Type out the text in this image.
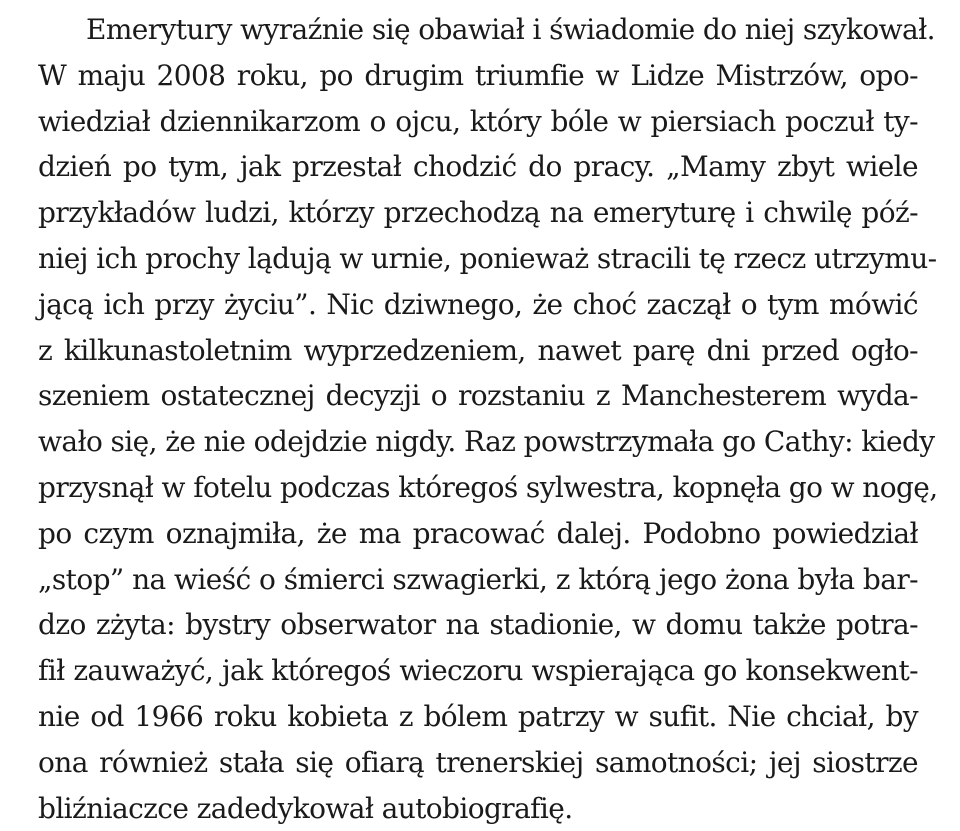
Emerytury wyraźnie się obawiał i świadomie do niej szykował.
W maju 2008 roku, po drugim triumfie w Lidze Mistrzów, opo-
wiedział dziennikarzom o ojcu, który bóle w piersiach poczuł ty-
dzień po tym, jak przestał chodzić do pracy. „Mamy zbyt wiele
przykładów ludzi, którzy przechodzą na emeryturę i chwilę póź-
niej ich prochy lądują w urnie, ponieważ stracili tę rzecz utrzymu-
jącą ich przy życiu”. Nic dziwnego, że choć zaczął o tym mówić
z kilkunastoletnim wyprzedzeniem, nawet parę dni przed ogło-
szeniem ostatecznej decyzji o rozstaniu z Manchesterem wyda-
wało się, że nie odejdzie nigdy. Raz powstrzymała go Cathy: kiedy
przysnął w fotelu podczas któregoś sylwestra, kopnęła go w nogę,
po czym oznajmiła, że ma pracować dalej. Podobno powiedział
„stop” na wieść o śmierci szwagierki, z którą jego żona była bar-
dzo zżyta: bystry obserwator na stadionie, w domu także potra-
fił zauważyć, jak któregoś wieczoru wspierająca go konsekwent-
nie od 1966 roku kobieta z bólem patrzy w sufit. Nie chciał, by
ona również stała się ofiarą trenerskiej samotności; jej siostrze
bliźniaczce zadedykował autobiografię.
